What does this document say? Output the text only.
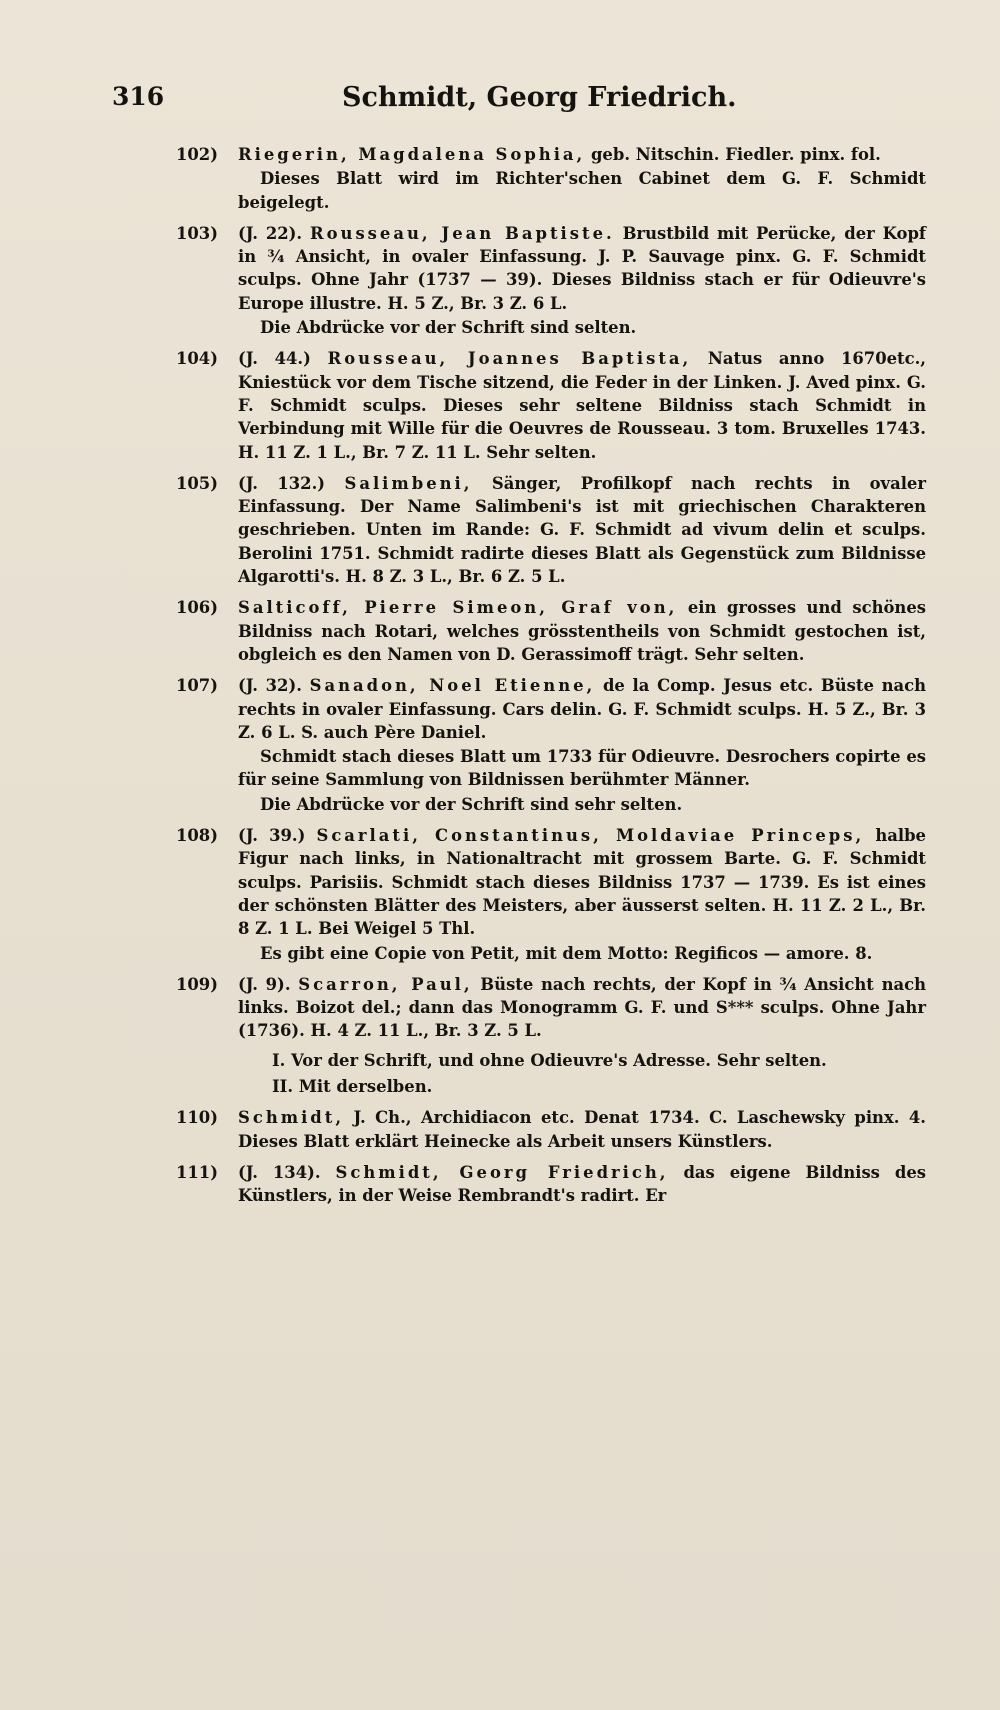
316	Schmidt, Georg Friedrich.
102)	Riegerin, Magdalena Sophia, geb. Nitschin. Fiedler. pinx. fol.

Dieses Blatt wird im Richter'schen Cabinet dem G. F. Schmidt beigelegt.

103)	(J. 22). Rousseau, Jean Baptiste. Brustbild mit Perücke, der Kopf in ¾ Ansicht, in ovaler Einfassung. J. P. Sauvage pinx. G. F. Schmidt sculps. Ohne Jahr (1737 — 39). Dieses Bildniss stach er für Odieuvre's Europe illustre. H. 5 Z., Br. 3 Z. 6 L.

Die Abdrücke vor der Schrift sind selten.

104)	(J. 44.) Rousseau, Joannes Baptista, Natus anno 1670etc., Kniestück vor dem Tische sitzend, die Feder in der Linken. J. Aved pinx. G. F. Schmidt sculps. Dieses sehr seltene Bildniss stach Schmidt in Verbindung mit Wille für die Oeuvres de Rousseau. 3 tom. Bruxelles 1743. H. 11 Z. 1 L., Br. 7 Z. 11 L. Sehr selten.
105)	(J. 132.) Salimbeni, Sänger, Profilkopf nach rechts in ovaler Einfassung. Der Name Salimbeni's ist mit griechischen Charakteren geschrieben. Unten im Rande: G. F. Schmidt ad vivum delin et sculps. Berolini 1751. Schmidt radirte dieses Blatt als Gegenstück zum Bildnisse Algarotti's. H. 8 Z. 3 L., Br. 6 Z. 5 L.
106)	Salticoff, Pierre Simeon, Graf von, ein grosses und schönes Bildniss nach Rotari, welches grösstentheils von Schmidt gestochen ist, obgleich es den Namen von D. Gerassimoff trägt. Sehr selten.
107)	(J. 32). Sanadon, Noel Etienne, de la Comp. Jesus etc. Büste nach rechts in ovaler Einfassung. Cars delin. G. F. Schmidt sculps. H. 5 Z., Br. 3 Z. 6 L. S. auch Père Daniel.

Schmidt stach dieses Blatt um 1733 für Odieuvre. Desrochers copirte es für seine Sammlung von Bildnissen berühmter Männer.

Die Abdrücke vor der Schrift sind sehr selten.

108)	(J. 39.) Scarlati, Constantinus, Moldaviae Princeps, halbe Figur nach links, in Nationaltracht mit grossem Barte. G. F. Schmidt sculps. Parisiis. Schmidt stach dieses Bildniss 1737 — 1739. Es ist eines der schönsten Blätter des Meisters, aber äusserst selten. H. 11 Z. 2 L., Br. 8 Z. 1 L. Bei Weigel 5 Thl.

Es gibt eine Copie von Petit, mit dem Motto: Regificos — amore. 8.

109)	(J. 9). Scarron, Paul, Büste nach rechts, der Kopf in ¾ Ansicht nach links. Boizot del.; dann das Monogramm G. F. und S*** sculps. Ohne Jahr (1736). H. 4 Z. 11 L., Br. 3 Z. 5 L.

I. Vor der Schrift, und ohne Odieuvre's Adresse. Sehr selten.

II. Mit derselben.

110)	Schmidt, J. Ch., Archidiacon etc. Denat 1734. C. Laschewsky pinx. 4. Dieses Blatt erklärt Heinecke als Arbeit unsers Künstlers.
111)	(J. 134). Schmidt, Georg Friedrich, das eigene Bildniss des Künstlers, in der Weise Rembrandt's radirt. Er
